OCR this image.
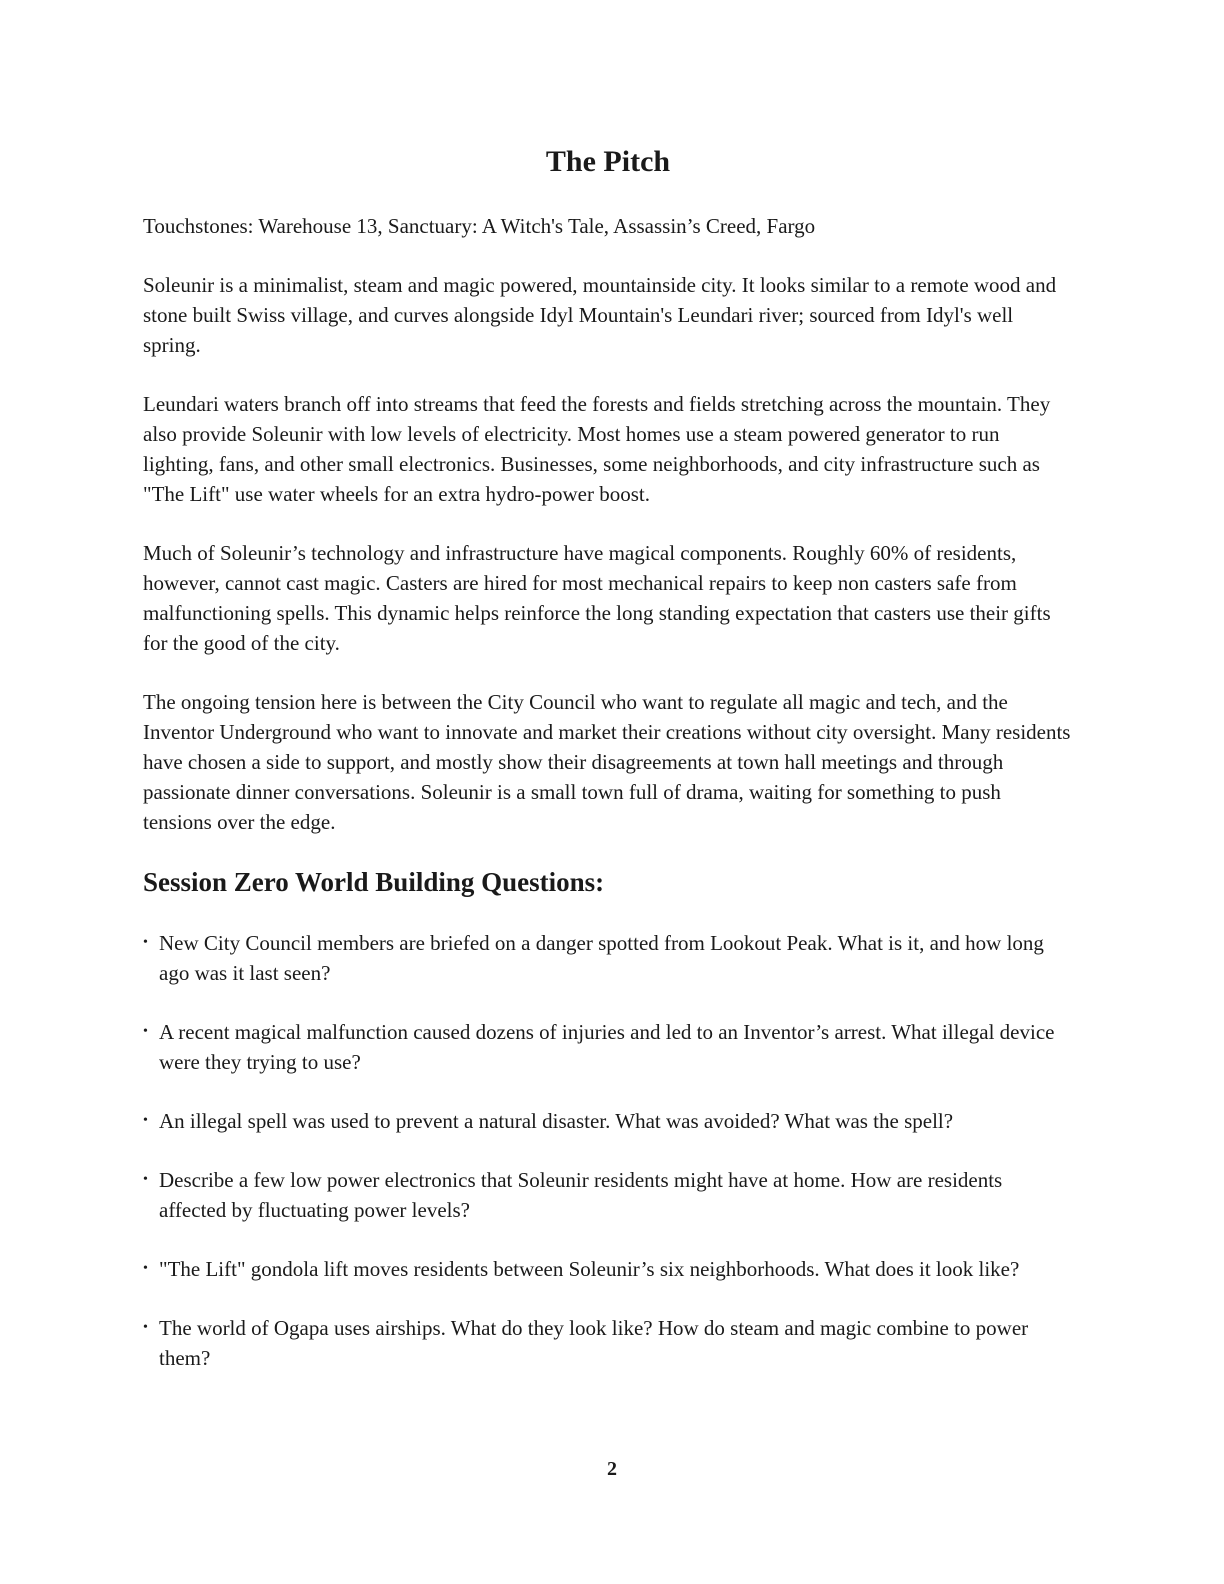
The Pitch

Touchstones: Warehouse 13, Sanctuary: A Witch's Tale, Assassin’s Creed, Fargo

Soleunir is a minimalist, steam and magic powered, mountainside city. It looks similar to a remote wood and stone built Swiss village, and curves alongside Idyl Mountain's Leundari river; sourced from Idyl's well spring.

Leundari waters branch off into streams that feed the forests and fields stretching across the mountain. They also provide Soleunir with low levels of electricity. Most homes use a steam powered generator to run lighting, fans, and other small electronics. Businesses, some neighborhoods, and city infrastructure such as "The Lift" use water wheels for an extra hydro-power boost.

Much of Soleunir’s technology and infrastructure have magical components. Roughly 60% of residents, however, cannot cast magic. Casters are hired for most mechanical repairs to keep non casters safe from malfunctioning spells. This dynamic helps reinforce the long standing expectation that casters use their gifts for the good of the city.

The ongoing tension here is between the City Council who want to regulate all magic and tech, and the Inventor Underground who want to innovate and market their creations without city oversight. Many residents have chosen a side to support, and mostly show their disagreements at town hall meetings and through passionate dinner conversations. Soleunir is a small town full of drama, waiting for something to push tensions over the edge.

Session Zero World Building Questions:
• New City Council members are briefed on a danger spotted from Lookout Peak. What is it, and how long ago was it last seen?
• A recent magical malfunction caused dozens of injuries and led to an Inventor’s arrest. What illegal device were they trying to use?
• An illegal spell was used to prevent a natural disaster. What was avoided? What was the spell?
• Describe a few low power electronics that Soleunir residents might have at home. How are residents affected by fluctuating power levels?
• "The Lift" gondola lift moves residents between Soleunir’s six neighborhoods. What does it look like?
• The world of Ogapa uses airships. What do they look like? How do steam and magic combine to power them?
2
